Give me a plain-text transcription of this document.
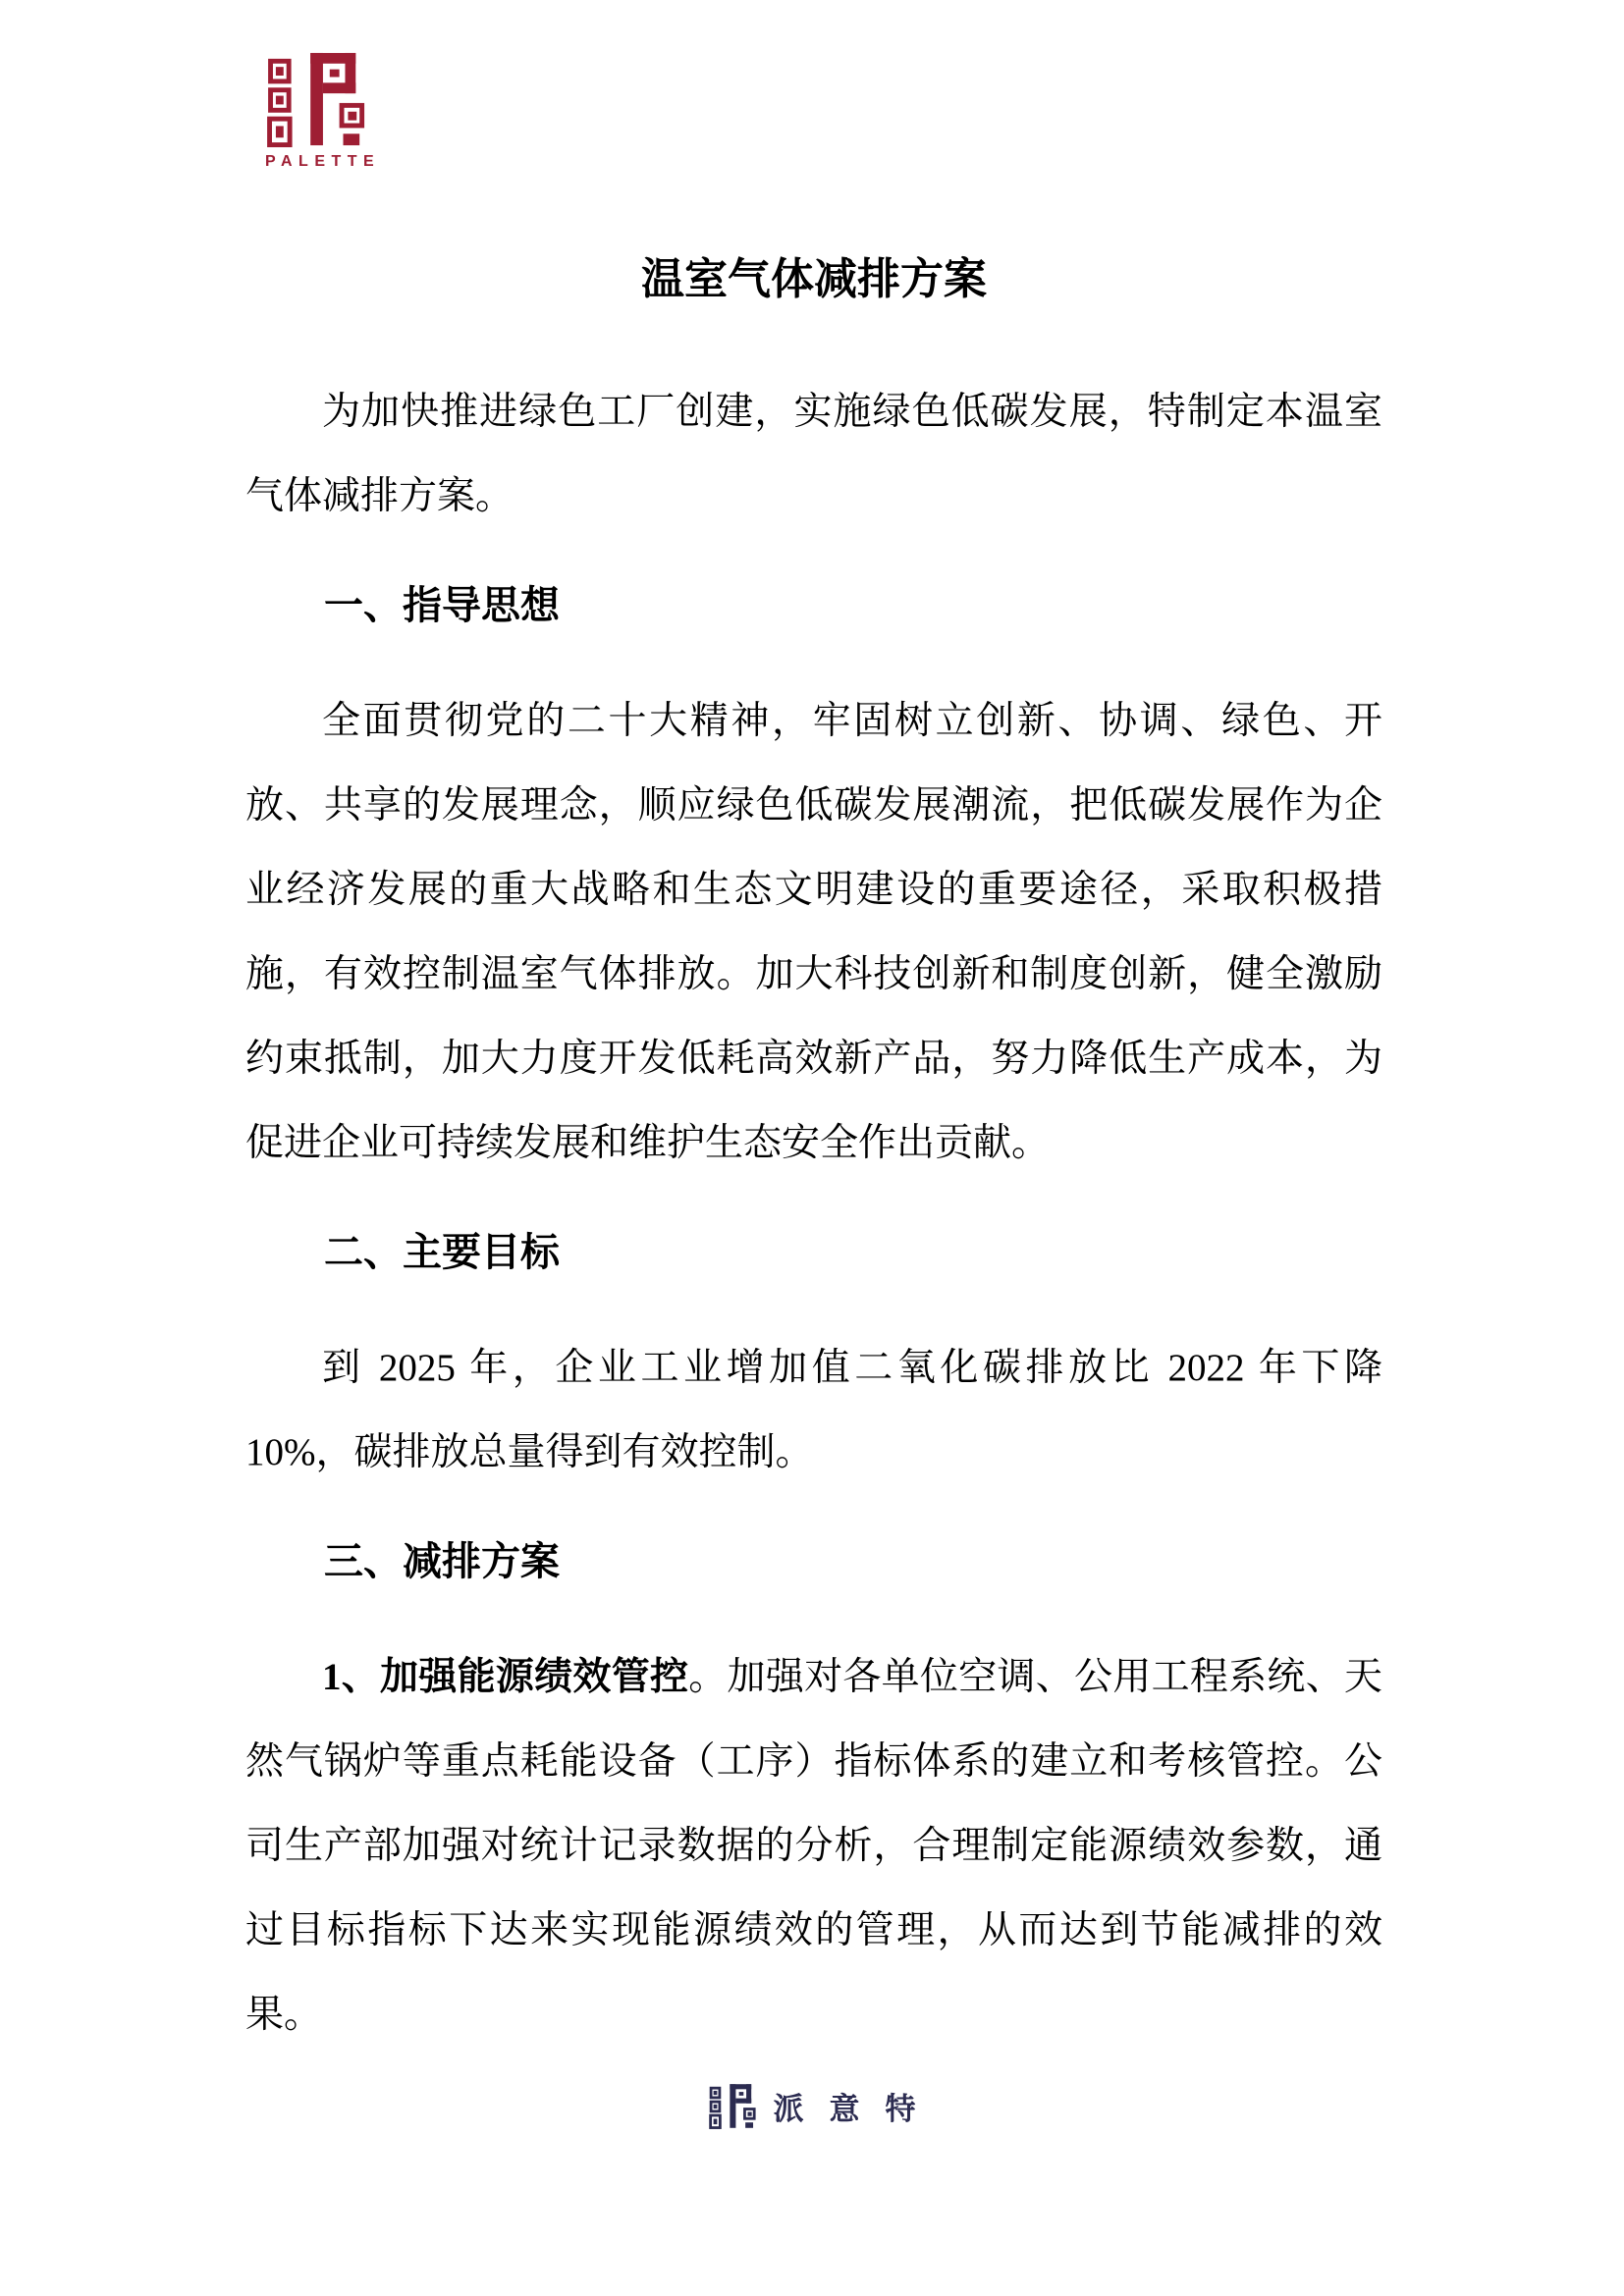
PALETTE
温室气体减排方案

为加快推进绿色工厂创建，实施绿色低碳发展，特制定本温室气体减排方案。

一、指导思想

全面贯彻党的二十大精神，牢固树立创新、协调、绿色、开放、共享的发展理念，顺应绿色低碳发展潮流，把低碳发展作为企业经济发展的重大战略和生态文明建设的重要途径，采取积极措施，有效控制温室气体排放。加大科技创新和制度创新，健全激励约束抵制，加大力度开发低耗高效新产品，努力降低生产成本，为促进企业可持续发展和维护生态安全作出贡献。

二、主要目标

到 2025 年，企业工业增加值二氧化碳排放比 2022 年下降 10%，碳排放总量得到有效控制。

三、减排方案

1、加强能源绩效管控。加强对各单位空调、公用工程系统、天然气锅炉等重点耗能设备（工序）指标体系的建立和考核管控。公司生产部加强对统计记录数据的分析，合理制定能源绩效参数，通过目标指标下达来实现能源绩效的管理，从而达到节能减排的效果。

派意特
